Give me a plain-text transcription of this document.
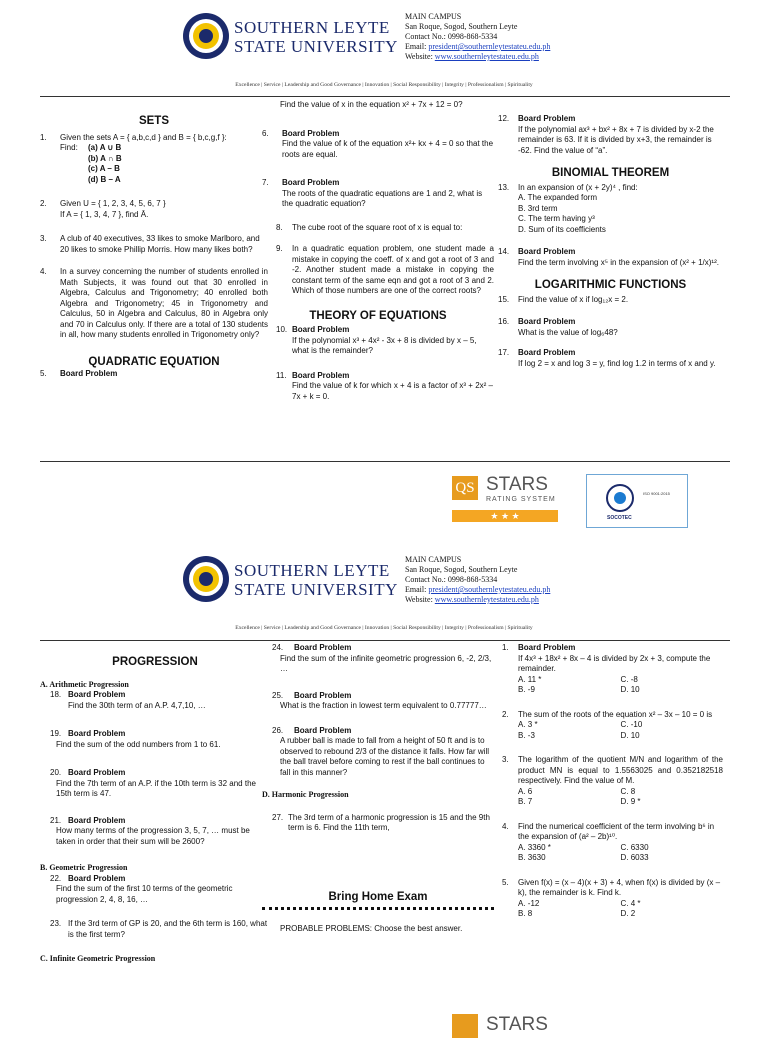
SOUTHERN LEYTE
STATE UNIVERSITY
MAIN CAMPUS
San Roque, Sogod, Southern Leyte
Contact No.: 0998-868-5334
Email: president@southernleytestateu.edu.ph
Website: www.southernleytestateu.edu.ph
Excellence | Service | Leadership and Good Governance | Innovation | Social Responsibility | Integrity | Professionalism | Spirituality

SETS

1. Given the sets A = { a,b,c,d } and B = { b,c,g,f }:
Find:	(a) A ∪ B
(b) A ∩ B
(c) A – B
(d) B – A
2. Given U = { 1, 2, 3, 4, 5, 6, 7 }
If A = { 1, 3, 4, 7 }, find Ā.
3. A club of 40 executives, 33 likes to smoke Marlboro, and 20 likes to smoke Phillip Morris. How many likes both?
4. In a survey concerning the number of students enrolled in Math Subjects, it was found out that 30 enrolled in Algebra, Calculus and Trigonometry; 40 enrolled both Algebra and Trigonometry; 45 in Trigonometry and Calculus, 50 in Algebra and Calculus, 80 in Algebra only and 70 in Calculus only. If there are a total of 130 students in all, how many students enrolled in Trigonometry only?

QUADRATIC EQUATION

5. Board Problem
Find the value of x in the equation x² + 7x + 12 = 0?
6. Board Problem
Find the value of k of the equation x²+ kx + 4 = 0 so that the roots are equal.
7. Board Problem
The roots of the quadratic equations are 1 and 2, what is the quadratic equation?
8. The cube root of the square root of x is equal to:
9. In a quadratic equation problem, one student made a mistake in copying the coeff. of x and got a root of 3 and -2. Another student made a mistake in copying the constant term of the same eqn and got a root of 3 and 2. Which of those numbers are one of the correct roots?

THEORY OF EQUATIONS

10. Board Problem
If the polynomial x³ + 4x² - 3x + 8 is divided by x – 5, what is the remainder?
11. Board Problem
Find the value of k for which x + 4 is a factor of x³ + 2x² – 7x + k = 0.
12. Board Problem
If the polynomial ax³ + bx² + 8x + 7 is divided by x-2 the remainder is 63. If it is divided by x+3, the remainder is -62. Find the value of “a”.

BINOMIAL THEOREM

13. In an expansion of (x + 2y)⁴ , find:
A. The expanded form
B. 3rd term
C. The term having y³
D. Sum of its coefficients
14. Board Problem
Find the term involving x⁵ in the expansion of (x² + 1/x)¹².

LOGARITHMIC FUNCTIONS

15. Find the value of x if log₁₂x = 2.
16. Board Problem
What is the value of log₆48?
17. Board Problem
If log 2 = x and log 3 = y, find log 1.2 in terms of x and y.
QS STARS
RATING SYSTEM
★ ★ ★
ISO 9001:2015
SOCOTEC
SOUTHERN LEYTE
STATE UNIVERSITY
MAIN CAMPUS
San Roque, Sogod, Southern Leyte
Contact No.: 0998-868-5334
Email: president@southernleytestateu.edu.ph
Website: www.southernleytestateu.edu.ph
Excellence | Service | Leadership and Good Governance | Innovation | Social Responsibility | Integrity | Professionalism | Spirituality

PROGRESSION

A. Arithmetic Progression
18. Board Problem
Find the 30th term of an A.P. 4,7,10, …
19. Board Problem
Find the sum of the odd numbers from 1 to 61.
20. Board Problem
Find the 7th term of an A.P. if the 10th term is 32 and the 15th term is 47.
21. Board Problem
How many terms of the progression 3, 5, 7, … must be taken in order that their sum will be 2600?
B. Geometric Progression
22. Board Problem
Find the sum of the first 10 terms of the geometric progression 2, 4, 8, 16, …
23. If the 3rd term of GP is 20, and the 6th term is 160, what is the first term?
C. Infinite Geometric Progression
24.	Board Problem
Find the sum of the infinite geometric progression 6, -2, 2/3, …
25.	Board Problem
What is the fraction in lowest term equivalent to 0.77777…
26.	Board Problem
A rubber ball is made to fall from a height of 50 ft and is to observed to rebound 2/3 of the distance it falls. How far will the ball travel before coming to rest if the ball continues to fall in this manner?
D. Harmonic Progression
27. The 3rd term of a harmonic progression is 15 and the 9th term is 6. Find the 11th term,

Bring Home Exam

PROBABLE PROBLEMS: Choose the best answer.
1. Board Problem
If 4x³ + 18x² + 8x – 4 is divided by 2x + 3, compute the remainder.
A. 11 *	C. -8
B. -9	D. 10
2. The sum of the roots of the equation x² – 3x – 10 = 0 is
A. 3 *	C. -10
B. -3	D. 10
3. The logarithm of the quotient M/N and logarithm of the product MN is equal to 1.5563025 and 0.352182518 respectively. Find the value of M.
A. 6	C. 8
B. 7	D. 9 *
4. Find the numerical coefficient of the term involving b⁶ in the expansion of (a² – 2b)¹⁰.
A. 3360 *	C. 6330
B. 3630	D. 6033
5. Given f(x) = (x – 4)(x + 3) + 4, when f(x) is divided by (x – k), the remainder is k. Find k.
A. -12	C. 4 *
B. 8	D. 2
STARS
